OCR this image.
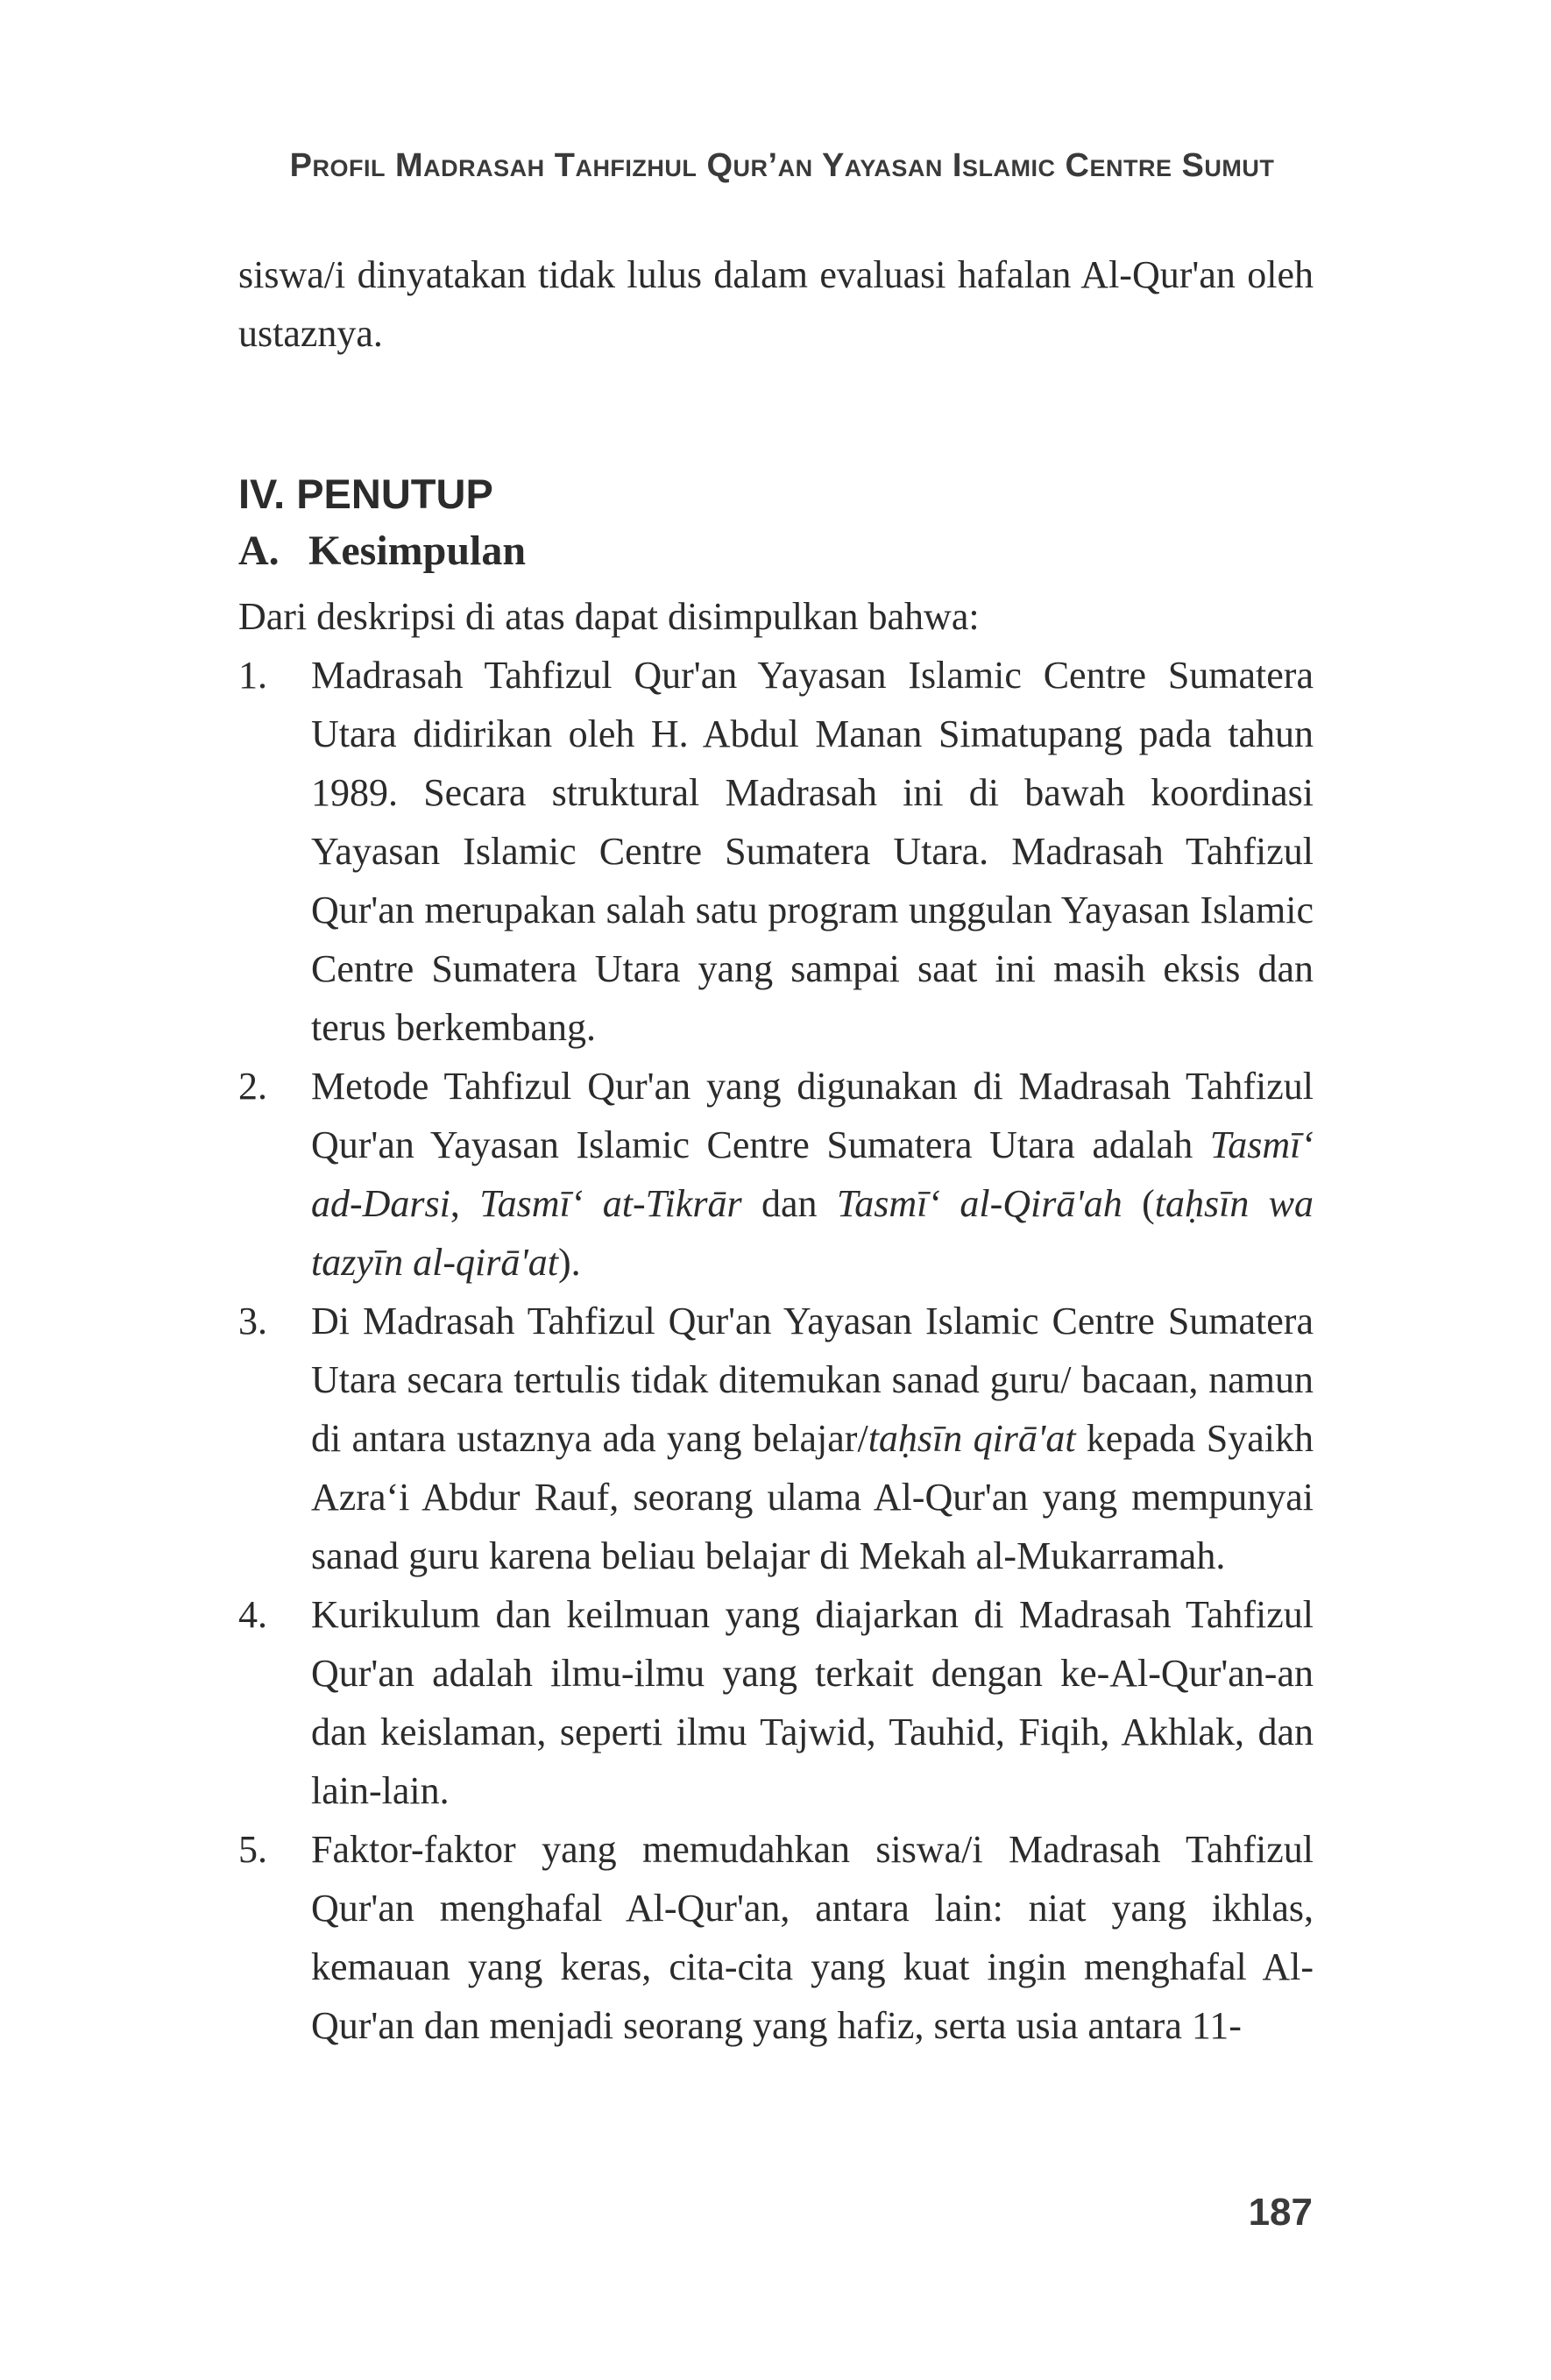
Profil Madrasah Tahfizhul Qur’an Yayasan Islamic Centre Sumut

siswa/i dinyatakan tidak lulus dalam evaluasi hafalan Al-Qur'an oleh ustaznya.

IV. PENUTUP
A. Kesimpulan

Dari deskripsi di atas dapat disimpulkan bahwa:

1.	Madrasah Tahfizul Qur'an Yayasan Islamic Centre Sumatera Utara didirikan oleh H. Abdul Manan Simatupang pada tahun 1989. Secara struktural Madrasah ini di bawah koordinasi Yayasan Islamic Centre Sumatera Utara. Madrasah Tahfizul Qur'an merupakan salah satu program unggulan Yayasan Islamic Centre Sumatera Utara yang sampai saat ini masih eksis dan terus berkembang.
2.	Metode Tahfizul Qur'an yang digunakan di Madrasah Tahfizul Qur'an Yayasan Islamic Centre Sumatera Utara adalah Tasmī‘ ad-Darsi, Tasmī‘ at-Tikrār dan Tasmī‘ al-Qirā'ah (taḥsīn wa tazyīn al-qirā'at).
3.	Di Madrasah Tahfizul Qur'an Yayasan Islamic Centre Sumatera Utara secara tertulis tidak ditemukan sanad guru/ bacaan, namun di antara ustaznya ada yang belajar/taḥsīn qirā'at kepada Syaikh Azra‘i Abdur Rauf, seorang ulama Al-Qur'an yang mempunyai sanad guru karena beliau belajar di Mekah al-Mukarramah.
4.	Kurikulum dan keilmuan yang diajarkan di Madrasah Tahfizul Qur'an adalah ilmu-ilmu yang terkait dengan ke-Al-Qur'an-an dan keislaman, seperti ilmu Tajwid, Tauhid, Fiqih, Akhlak, dan lain-lain.
5.	Faktor-faktor yang memudahkan siswa/i Madrasah Tahfizul Qur'an menghafal Al-Qur'an, antara lain: niat yang ikhlas, kemauan yang keras, cita-cita yang kuat ingin menghafal Al-Qur'an dan menjadi seorang yang hafiz, serta usia antara 11-
187
